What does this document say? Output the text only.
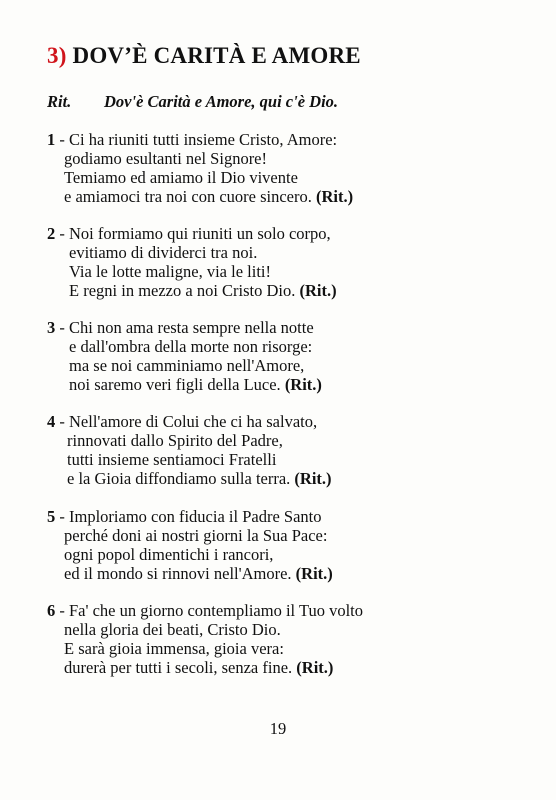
3) DOV’È CARITÀ E AMORE
Rit. Dov'è Carità e Amore, qui c'è Dio.
1 - Ci ha riuniti tutti insieme Cristo, Amore:
godiamo esultanti nel Signore!
Temiamo ed amiamo il Dio vivente
e amiamoci tra noi con cuore sincero. (Rit.)
2 - Noi formiamo qui riuniti un solo corpo,
evitiamo di dividerci tra noi.
Via le lotte maligne, via le liti!
E regni in mezzo a noi Cristo Dio. (Rit.)
3 - Chi non ama resta sempre nella notte
e dall'ombra della morte non risorge:
ma se noi camminiamo nell'Amore,
noi saremo veri figli della Luce. (Rit.)
4 - Nell'amore di Colui che ci ha salvato,
rinnovati dallo Spirito del Padre,
tutti insieme sentiamoci Fratelli
e la Gioia diffondiamo sulla terra. (Rit.)
5 - Imploriamo con fiducia il Padre Santo
perché doni ai nostri giorni la Sua Pace:
ogni popol dimentichi i rancori,
ed il mondo si rinnovi nell'Amore. (Rit.)
6 - Fa' che un giorno contempliamo il Tuo volto
nella gloria dei beati, Cristo Dio.
E sarà gioia immensa, gioia vera:
durerà per tutti i secoli, senza fine. (Rit.)
19
